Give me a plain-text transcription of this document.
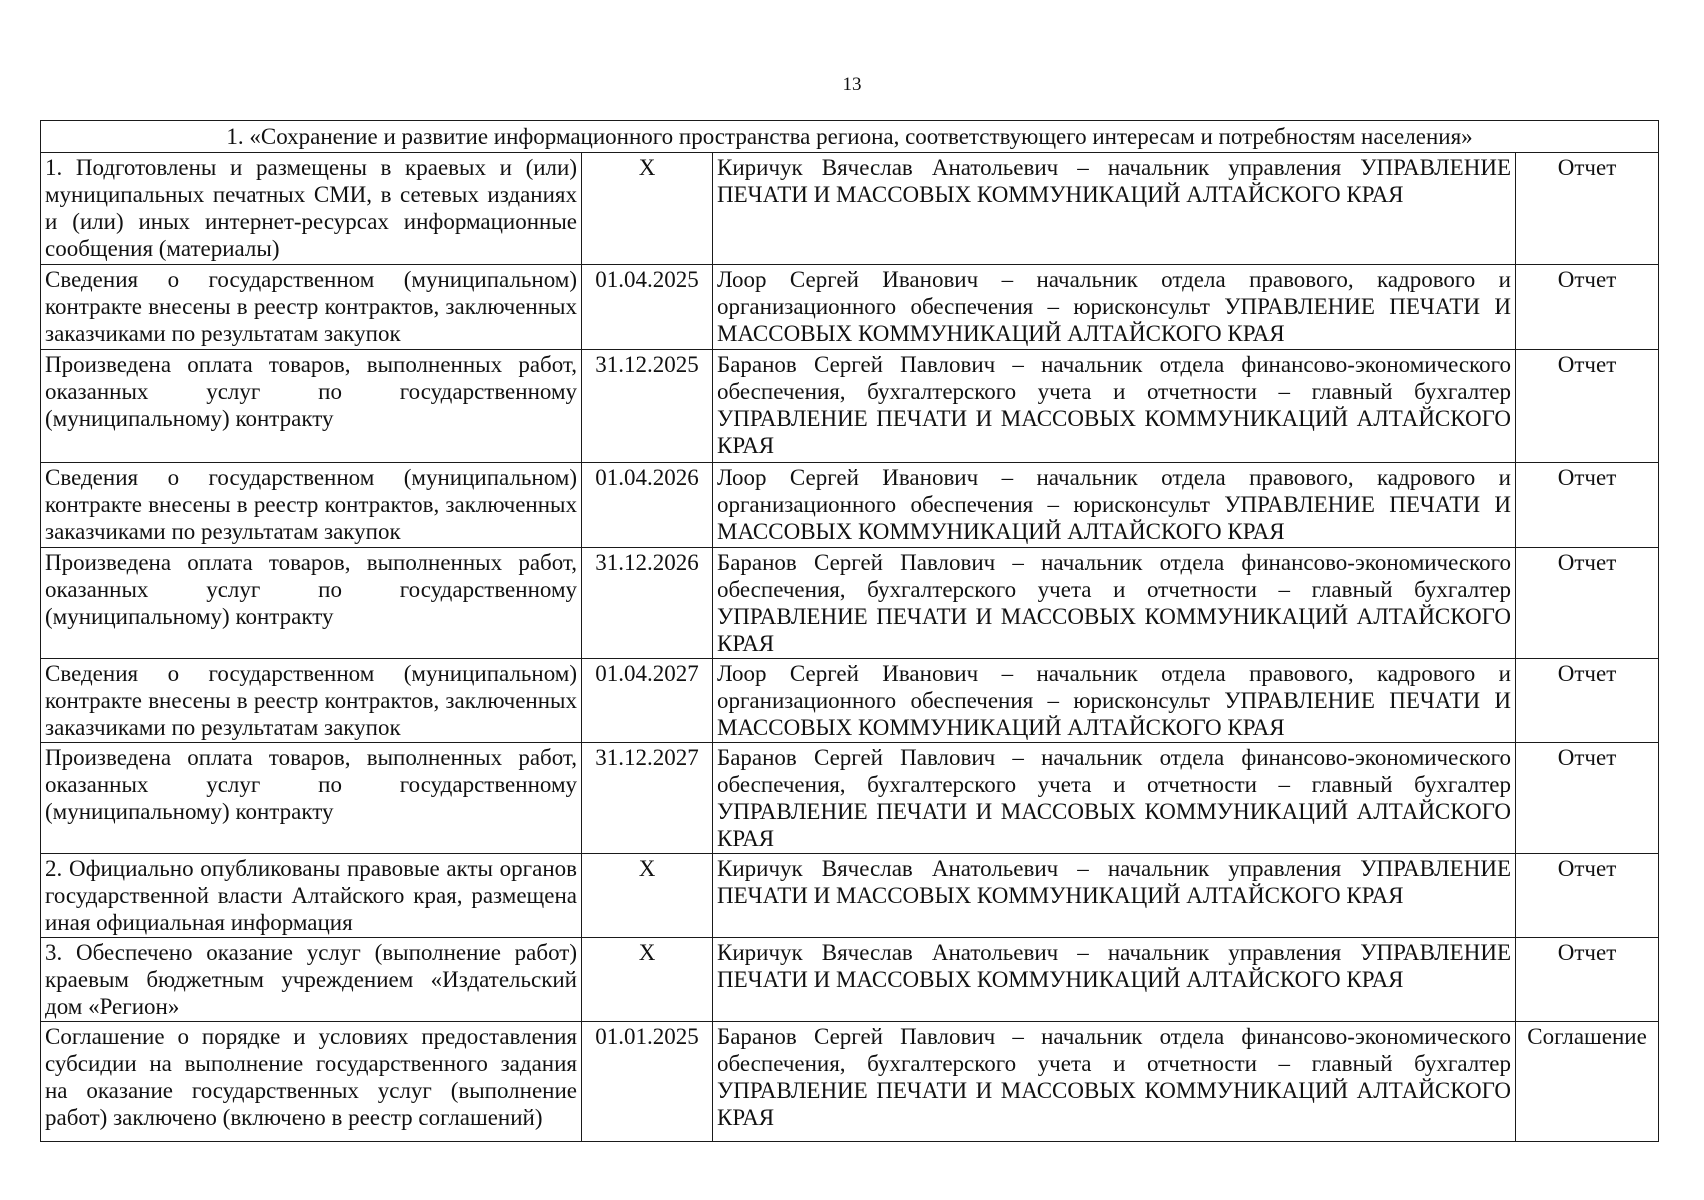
13
1. «Сохранение и развитие информационного пространства региона, соответствующего интересам и потребностям населения»			
1. Подготовлены и размещены в краевых и (или) муниципальных печатных СМИ, в сетевых изданиях и (или) иных интернет-ресурсах информационные сообщения (материалы)	X	Киричук Вячеслав Анатольевич – начальник управления УПРАВЛЕНИЕ ПЕЧАТИ И МАССОВЫХ КОММУНИКАЦИЙ АЛТАЙСКОГО КРАЯ	Отчет
Сведения о государственном (муниципальном) контракте внесены в реестр контрактов, заключенных заказчиками по результатам закупок	01.04.2025	Лоор Сергей Иванович – начальник отдела правового, кадрового и организационного обеспечения – юрисконсульт УПРАВЛЕНИЕ ПЕЧАТИ И МАССОВЫХ КОММУНИКАЦИЙ АЛТАЙСКОГО КРАЯ	Отчет
Произведена оплата товаров, выполненных работ, оказанных услуг по государственному (муниципальному) контракту	31.12.2025	Баранов Сергей Павлович – начальник отдела финансово-экономического обеспечения, бухгалтерского учета и отчетности – главный бухгалтер УПРАВЛЕНИЕ ПЕЧАТИ И МАССОВЫХ КОММУНИКАЦИЙ АЛТАЙСКОГО КРАЯ	Отчет
Сведения о государственном (муниципальном) контракте внесены в реестр контрактов, заключенных заказчиками по результатам закупок	01.04.2026	Лоор Сергей Иванович – начальник отдела правового, кадрового и организационного обеспечения – юрисконсульт УПРАВЛЕНИЕ ПЕЧАТИ И МАССОВЫХ КОММУНИКАЦИЙ АЛТАЙСКОГО КРАЯ	Отчет
Произведена оплата товаров, выполненных работ, оказанных услуг по государственному (муниципальному) контракту	31.12.2026	Баранов Сергей Павлович – начальник отдела финансово-экономического обеспечения, бухгалтерского учета и отчетности – главный бухгалтер УПРАВЛЕНИЕ ПЕЧАТИ И МАССОВЫХ КОММУНИКАЦИЙ АЛТАЙСКОГО КРАЯ	Отчет
Сведения о государственном (муниципальном) контракте внесены в реестр контрактов, заключенных заказчиками по результатам закупок	01.04.2027	Лоор Сергей Иванович – начальник отдела правового, кадрового и организационного обеспечения – юрисконсульт УПРАВЛЕНИЕ ПЕЧАТИ И МАССОВЫХ КОММУНИКАЦИЙ АЛТАЙСКОГО КРАЯ	Отчет
Произведена оплата товаров, выполненных работ, оказанных услуг по государственному (муниципальному) контракту	31.12.2027	Баранов Сергей Павлович – начальник отдела финансово-экономического обеспечения, бухгалтерского учета и отчетности – главный бухгалтер УПРАВЛЕНИЕ ПЕЧАТИ И МАССОВЫХ КОММУНИКАЦИЙ АЛТАЙСКОГО КРАЯ	Отчет
2. Официально опубликованы правовые акты органов государственной власти Алтайского края, размещена иная официальная информация	X	Киричук Вячеслав Анатольевич – начальник управления УПРАВЛЕНИЕ ПЕЧАТИ И МАССОВЫХ КОММУНИКАЦИЙ АЛТАЙСКОГО КРАЯ	Отчет
3. Обеспечено оказание услуг (выполнение работ) краевым бюджетным учреждением «Издательский дом «Регион»	X	Киричук Вячеслав Анатольевич – начальник управления УПРАВЛЕНИЕ ПЕЧАТИ И МАССОВЫХ КОММУНИКАЦИЙ АЛТАЙСКОГО КРАЯ	Отчет
Соглашение о порядке и условиях предоставления субсидии на выполнение государственного задания на оказание государственных услуг (выполнение работ) заключено (включено в реестр соглашений)	01.01.2025	Баранов Сергей Павлович – начальник отдела финансово-экономического обеспечения, бухгалтерского учета и отчетности – главный бухгалтер УПРАВЛЕНИЕ ПЕЧАТИ И МАССОВЫХ КОММУНИКАЦИЙ АЛТАЙСКОГО КРАЯ	Соглашение
